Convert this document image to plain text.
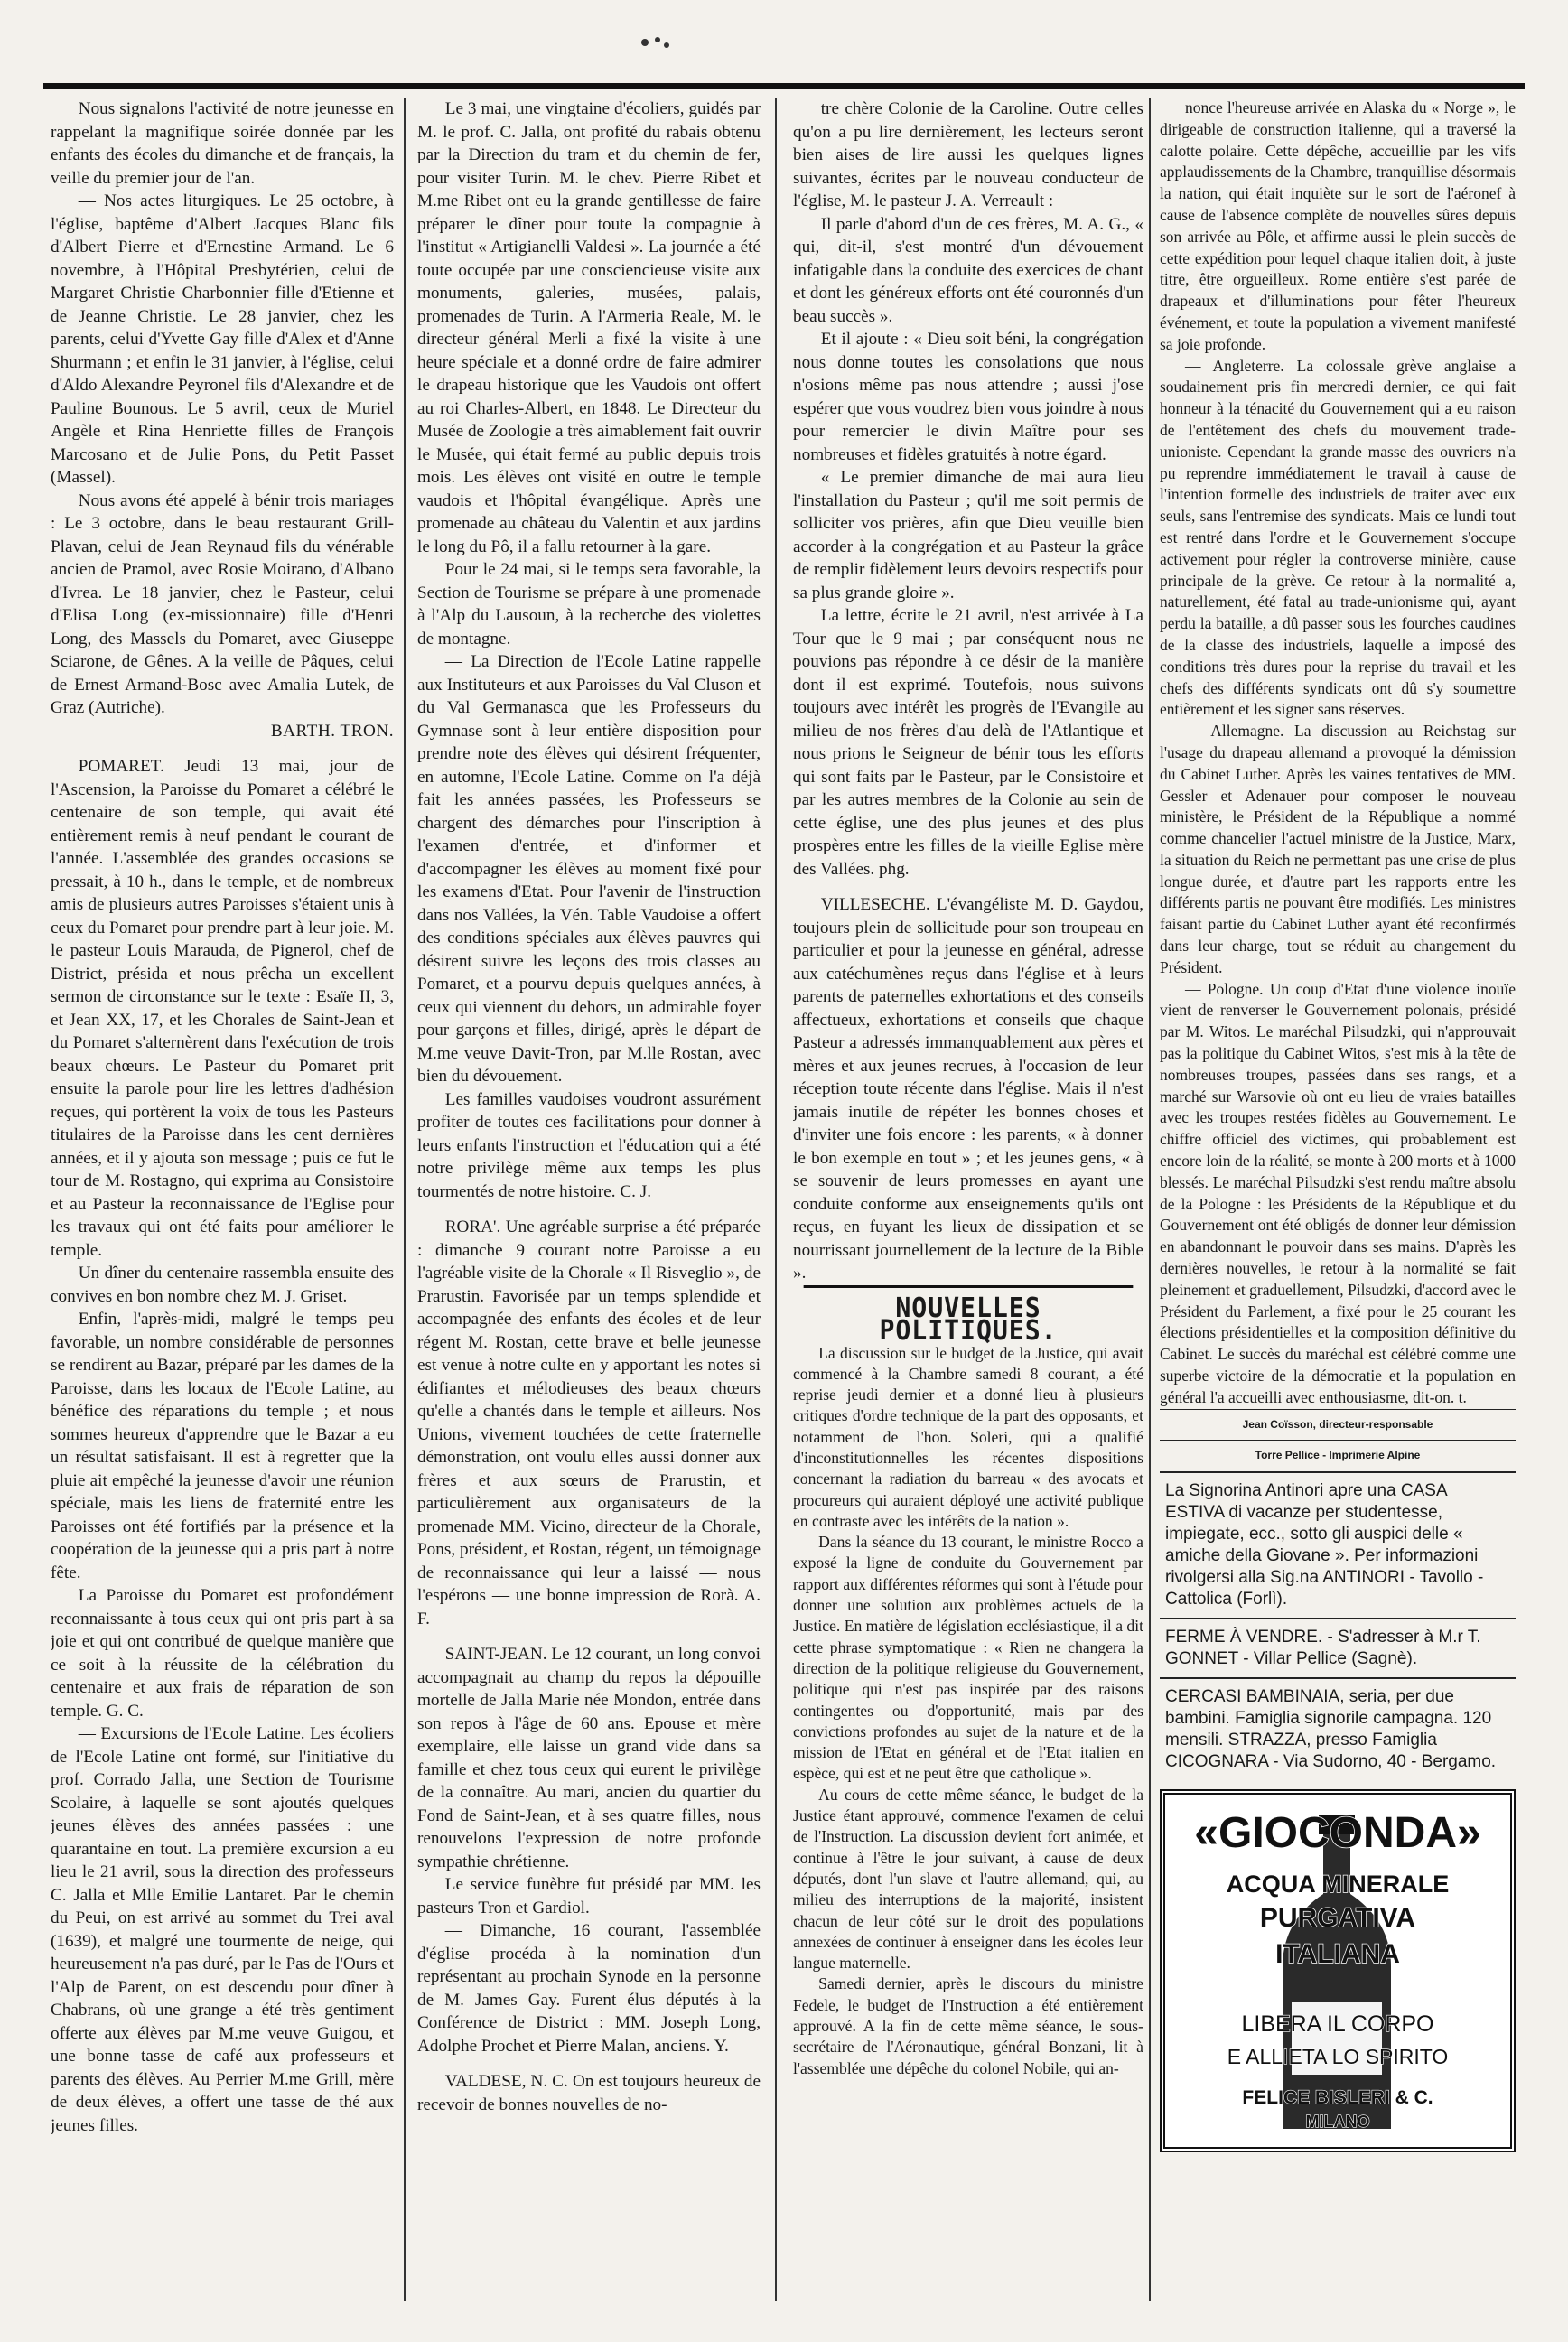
Nous signalons l'activité de notre jeunesse en rappelant la magnifique soirée donnée par les enfants des écoles du dimanche et de français, la veille du premier jour de l'an.

— Nos actes liturgiques. Le 25 octobre, à l'église, baptême d'Albert Jacques Blanc fils d'Albert Pierre et d'Ernestine Armand. Le 6 novembre, à l'Hôpital Presbytérien, celui de Margaret Christie Charbonnier fille d'Etienne et de Jeanne Christie. Le 28 janvier, chez les parents, celui d'Yvette Gay fille d'Alex et d'Anne Shurmann ; et enfin le 31 janvier, à l'église, celui d'Aldo Alexandre Peyronel fils d'Alexandre et de Pauline Bounous. Le 5 avril, ceux de Muriel Angèle et Rina Henriette filles de François Marcosano et de Julie Pons, du Petit Passet (Massel).

Nous avons été appelé à bénir trois mariages : Le 3 octobre, dans le beau restaurant Grill-Plavan, celui de Jean Reynaud fils du vénérable ancien de Pramol, avec Rosie Moirano, d'Albano d'Ivrea. Le 18 janvier, chez le Pasteur, celui d'Elisa Long (ex-missionnaire) fille d'Henri Long, des Massels du Pomaret, avec Giuseppe Sciarone, de Gênes. A la veille de Pâques, celui de Ernest Armand-Bosc avec Amalia Lutek, de Graz (Autriche).

BARTH. TRON.

POMARET. Jeudi 13 mai, jour de l'Ascension, la Paroisse du Pomaret a célébré le centenaire de son temple, qui avait été entièrement remis à neuf pendant le courant de l'année. L'assemblée des grandes occasions se pressait, à 10 h., dans le temple, et de nombreux amis de plusieurs autres Paroisses s'étaient unis à ceux du Pomaret pour prendre part à leur joie. M. le pasteur Louis Marauda, de Pignerol, chef de District, présida et nous prêcha un excellent sermon de circonstance sur le texte : Esaïe II, 3, et Jean XX, 17, et les Chorales de Saint-Jean et du Pomaret s'alternèrent dans l'exécution de trois beaux chœurs. Le Pasteur du Pomaret prit ensuite la parole pour lire les lettres d'adhésion reçues, qui portèrent la voix de tous les Pasteurs titulaires de la Paroisse dans les cent dernières années, et il y ajouta son message ; puis ce fut le tour de M. Rostagno, qui exprima au Consistoire et au Pasteur la reconnaissance de l'Eglise pour les travaux qui ont été faits pour améliorer le temple.

Un dîner du centenaire rassembla ensuite des convives en bon nombre chez M. J. Griset.

Enfin, l'après-midi, malgré le temps peu favorable, un nombre considérable de personnes se rendirent au Bazar, préparé par les dames de la Paroisse, dans les locaux de l'Ecole Latine, au bénéfice des réparations du temple ; et nous sommes heureux d'apprendre que le Bazar a eu un résultat satisfaisant. Il est à regretter que la pluie ait empêché la jeunesse d'avoir une réunion spéciale, mais les liens de fraternité entre les Paroisses ont été fortifiés par la présence et la coopération de la jeunesse qui a pris part à notre fête.

La Paroisse du Pomaret est profondément reconnaissante à tous ceux qui ont pris part à sa joie et qui ont contribué de quelque manière que ce soit à la réussite de la célébration du centenaire et aux frais de réparation de son temple. G. C.

— Excursions de l'Ecole Latine. Les écoliers de l'Ecole Latine ont formé, sur l'initiative du prof. Corrado Jalla, une Section de Tourisme Scolaire, à laquelle se sont ajoutés quelques jeunes élèves des années passées : une quarantaine en tout. La première excursion a eu lieu le 21 avril, sous la direction des professeurs C. Jalla et Mlle Emilie Lantaret. Par le chemin du Peui, on est arrivé au sommet du Trei aval (1639), et malgré une tourmente de neige, qui heureusement n'a pas duré, par le Pas de l'Ours et l'Alp de Parent, on est descendu pour dîner à Chabrans, où une grange a été très gentiment offerte aux élèves par M.me veuve Guigou, et une bonne tasse de café aux professeurs et parents des élèves. Au Perrier M.me Grill, mère de deux élèves, a offert une tasse de thé aux jeunes filles.

Le 3 mai, une vingtaine d'écoliers, guidés par M. le prof. C. Jalla, ont profité du rabais obtenu par la Direction du tram et du chemin de fer, pour visiter Turin. M. le chev. Pierre Ribet et M.me Ribet ont eu la grande gentillesse de faire préparer le dîner pour toute la compagnie à l'institut « Artigianelli Valdesi ». La journée a été toute occupée par une consciencieuse visite aux monuments, galeries, musées, palais, promenades de Turin. A l'Armeria Reale, M. le directeur général Merli a fixé la visite à une heure spéciale et a donné ordre de faire admirer le drapeau historique que les Vaudois ont offert au roi Charles-Albert, en 1848. Le Directeur du Musée de Zoologie a très aimablement fait ouvrir le Musée, qui était fermé au public depuis trois mois. Les élèves ont visité en outre le temple vaudois et l'hôpital évangélique. Après une promenade au château du Valentin et aux jardins le long du Pô, il a fallu retourner à la gare.

Pour le 24 mai, si le temps sera favorable, la Section de Tourisme se prépare à une promenade à l'Alp du Lausoun, à la recherche des violettes de montagne.

— La Direction de l'Ecole Latine rappelle aux Instituteurs et aux Paroisses du Val Cluson et du Val Germanasca que les Professeurs du Gymnase sont à leur entière disposition pour prendre note des élèves qui désirent fréquenter, en automne, l'Ecole Latine. Comme on l'a déjà fait les années passées, les Professeurs se chargent des démarches pour l'inscription à l'examen d'entrée, et d'informer et d'accompagner les élèves au moment fixé pour les examens d'Etat. Pour l'avenir de l'instruction dans nos Vallées, la Vén. Table Vaudoise a offert des conditions spéciales aux élèves pauvres qui désirent suivre les leçons des trois classes au Pomaret, et a pourvu depuis quelques années, à ceux qui viennent du dehors, un admirable foyer pour garçons et filles, dirigé, après le départ de M.me veuve Davit-Tron, par M.lle Rostan, avec bien du dévouement.

Les familles vaudoises voudront assurément profiter de toutes ces facilitations pour donner à leurs enfants l'instruction et l'éducation qui a été notre privilège même aux temps les plus tourmentés de notre histoire. C. J.

RORA'. Une agréable surprise a été préparée : dimanche 9 courant notre Paroisse a eu l'agréable visite de la Chorale « Il Risveglio », de Prarustin. Favorisée par un temps splendide et accompagnée des enfants des écoles et de leur régent M. Rostan, cette brave et belle jeunesse est venue à notre culte en y apportant les notes si édifiantes et mélodieuses des beaux chœurs qu'elle a chantés dans le temple et ailleurs. Nos Unions, vivement touchées de cette fraternelle démonstration, ont voulu elles aussi donner aux frères et aux sœurs de Prarustin, et particulièrement aux organisateurs de la promenade MM. Vicino, directeur de la Chorale, Pons, président, et Rostan, régent, un témoignage de reconnaissance qui leur a laissé — nous l'espérons — une bonne impression de Rorà. A. F.

SAINT-JEAN. Le 12 courant, un long convoi accompagnait au champ du repos la dépouille mortelle de Jalla Marie née Mondon, entrée dans son repos à l'âge de 60 ans. Epouse et mère exemplaire, elle laisse un grand vide dans sa famille et chez tous ceux qui eurent le privilège de la connaître. Au mari, ancien du quartier du Fond de Saint-Jean, et à ses quatre filles, nous renouvelons l'expression de notre profonde sympathie chrétienne.

Le service funèbre fut présidé par MM. les pasteurs Tron et Gardiol.

— Dimanche, 16 courant, l'assemblée d'église procéda à la nomination d'un représentant au prochain Synode en la personne de M. James Gay. Furent élus députés à la Conférence de District : MM. Joseph Long, Adolphe Prochet et Pierre Malan, anciens. Y.

VALDESE, N. C. On est toujours heureux de recevoir de bonnes nouvelles de no-

tre chère Colonie de la Caroline. Outre celles qu'on a pu lire dernièrement, les lecteurs seront bien aises de lire aussi les quelques lignes suivantes, écrites par le nouveau conducteur de l'église, M. le pasteur J. A. Verreault :

Il parle d'abord d'un de ces frères, M. A. G., « qui, dit-il, s'est montré d'un dévouement infatigable dans la conduite des exercices de chant et dont les généreux efforts ont été couronnés d'un beau succès ».

Et il ajoute : « Dieu soit béni, la congrégation nous donne toutes les consolations que nous n'osions même pas nous attendre ; aussi j'ose espérer que vous voudrez bien vous joindre à nous pour remercier le divin Maître pour ses nombreuses et fidèles gratuités à notre égard.

« Le premier dimanche de mai aura lieu l'installation du Pasteur ; qu'il me soit permis de solliciter vos prières, afin que Dieu veuille bien accorder à la congrégation et au Pasteur la grâce de remplir fidèlement leurs devoirs respectifs pour sa plus grande gloire ».

La lettre, écrite le 21 avril, n'est arrivée à La Tour que le 9 mai ; par conséquent nous ne pouvions pas répondre à ce désir de la manière dont il est exprimé. Toutefois, nous suivons toujours avec intérêt les progrès de l'Evangile au milieu de nos frères d'au delà de l'Atlantique et nous prions le Seigneur de bénir tous les efforts qui sont faits par le Pasteur, par le Consistoire et par les autres membres de la Colonie au sein de cette église, une des plus jeunes et des plus prospères entre les filles de la vieille Eglise mère des Vallées. phg.

VILLESECHE. L'évangéliste M. D. Gaydou, toujours plein de sollicitude pour son troupeau en particulier et pour la jeunesse en général, adresse aux catéchumènes reçus dans l'église et à leurs parents de paternelles exhortations et des conseils affectueux, exhortations et conseils que chaque Pasteur a adressés immanquablement aux pères et mères et aux jeunes recrues, à l'occasion de leur réception toute récente dans l'église. Mais il n'est jamais inutile de répéter les bonnes choses et d'inviter une fois encore : les parents, « à donner le bon exemple en tout » ; et les jeunes gens, « à se souvenir de leurs promesses en ayant une conduite conforme aux enseignements qu'ils ont reçus, en fuyant les lieux de dissipation et se nourrissant journellement de la lecture de la Bible ».

NOUVELLES POLITIQUES.

La discussion sur le budget de la Justice, qui avait commencé à la Chambre samedi 8 courant, a été reprise jeudi dernier et a donné lieu à plusieurs critiques d'ordre technique de la part des opposants, et notamment de l'hon. Soleri, qui a qualifié d'inconstitutionnelles les récentes dispositions concernant la radiation du barreau « des avocats et procureurs qui auraient déployé une activité publique en contraste avec les intérêts de la nation ».

Dans la séance du 13 courant, le ministre Rocco a exposé la ligne de conduite du Gouvernement par rapport aux différentes réformes qui sont à l'étude pour donner une solution aux problèmes actuels de la Justice. En matière de législation ecclésiastique, il a dit cette phrase symptomatique : « Rien ne changera la direction de la politique religieuse du Gouvernement, politique qui n'est pas inspirée par des raisons contingentes ou d'opportunité, mais par des convictions profondes au sujet de la nature et de la mission de l'Etat en général et de l'Etat italien en espèce, qui est et ne peut être que catholique ».

Au cours de cette même séance, le budget de la Justice étant approuvé, commence l'examen de celui de l'Instruction. La discussion devient fort animée, et continue à l'être le jour suivant, à cause de deux députés, dont l'un slave et l'autre allemand, qui, au milieu des interruptions de la majorité, insistent chacun de leur côté sur le droit des populations annexées de continuer à enseigner dans les écoles leur langue maternelle.

Samedi dernier, après le discours du ministre Fedele, le budget de l'Instruction a été entièrement approuvé. A la fin de cette même séance, le sous-secrétaire de l'Aéronautique, général Bonzani, lit à l'assemblée une dépêche du colonel Nobile, qui an-

nonce l'heureuse arrivée en Alaska du « Norge », le dirigeable de construction italienne, qui a traversé la calotte polaire. Cette dépêche, accueillie par les vifs applaudissements de la Chambre, tranquillise désormais la nation, qui était inquiète sur le sort de l'aéronef à cause de l'absence complète de nouvelles sûres depuis son arrivée au Pôle, et affirme aussi le plein succès de cette expédition pour lequel chaque italien doit, à juste titre, être orgueilleux. Rome entière s'est parée de drapeaux et d'illuminations pour fêter l'heureux événement, et toute la population a vivement manifesté sa joie profonde.

— Angleterre. La colossale grève anglaise a soudainement pris fin mercredi dernier, ce qui fait honneur à la ténacité du Gouvernement qui a eu raison de l'entêtement des chefs du mouvement trade-unioniste. Cependant la grande masse des ouvriers n'a pu reprendre immédiatement le travail à cause de l'intention formelle des industriels de traiter avec eux seuls, sans l'entremise des syndicats. Mais ce lundi tout est rentré dans l'ordre et le Gouvernement s'occupe activement pour régler la controverse minière, cause principale de la grève. Ce retour à la normalité a, naturellement, été fatal au trade-unionisme qui, ayant perdu la bataille, a dû passer sous les fourches caudines de la classe des industriels, laquelle a imposé des conditions très dures pour la reprise du travail et les chefs des différents syndicats ont dû s'y soumettre entièrement et les signer sans réserves.

— Allemagne. La discussion au Reichstag sur l'usage du drapeau allemand a provoqué la démission du Cabinet Luther. Après les vaines tentatives de MM. Gessler et Adenauer pour composer le nouveau ministère, le Président de la République a nommé comme chancelier l'actuel ministre de la Justice, Marx, la situation du Reich ne permettant pas une crise de plus longue durée, et d'autre part les rapports entre les différents partis ne pouvant être modifiés. Les ministres faisant partie du Cabinet Luther ayant été reconfirmés dans leur charge, tout se réduit au changement du Président.

— Pologne. Un coup d'Etat d'une violence inouïe vient de renverser le Gouvernement polonais, présidé par M. Witos. Le maréchal Pilsudzki, qui n'approuvait pas la politique du Cabinet Witos, s'est mis à la tête de nombreuses troupes, passées dans ses rangs, et a marché sur Warsovie où ont eu lieu de vraies batailles avec les troupes restées fidèles au Gouvernement. Le chiffre officiel des victimes, qui probablement est encore loin de la réalité, se monte à 200 morts et à 1000 blessés. Le maréchal Pilsudzki s'est rendu maître absolu de la Pologne : les Présidents de la République et du Gouvernement ont été obligés de donner leur démission en abandonnant le pouvoir dans ses mains. D'après les dernières nouvelles, le retour à la normalité se fait pleinement et graduellement, Pilsudzki, d'accord avec le Président du Parlement, a fixé pour le 25 courant les élections présidentielles et la composition définitive du Cabinet. Le succès du maréchal est célébré comme une superbe victoire de la démocratie et la population en général l'a accueilli avec enthousiasme, dit-on. t.

Jean Coïsson, directeur-responsable

Torre Pellice - Imprimerie Alpine

La Signorina Antinori apre una CASA ESTIVA di vacanze per studentesse, impiegate, ecc., sotto gli auspici delle « amiche della Giovane ». Per informazioni rivolgersi alla Sig.na ANTINORI - Tavollo - Cattolica (Forlì).

FERME À VENDRE. - S'adresser à M.r T. GONNET - Villar Pellice (Sagnè).

CERCASI BAMBINAIA, seria, per due bambini. Famiglia signorile campagna. 120 mensili. STRAZZA, presso Famiglia CICOGNARA - Via Sudorno, 40 - Bergamo.

«GIOCONDA»
ACQUA MINERALE
PURGATIVA
ITALIANA
LIBERA IL CORPO
E ALLIETA LO SPIRITO
FELICE BISLERI & C.
MILANO
